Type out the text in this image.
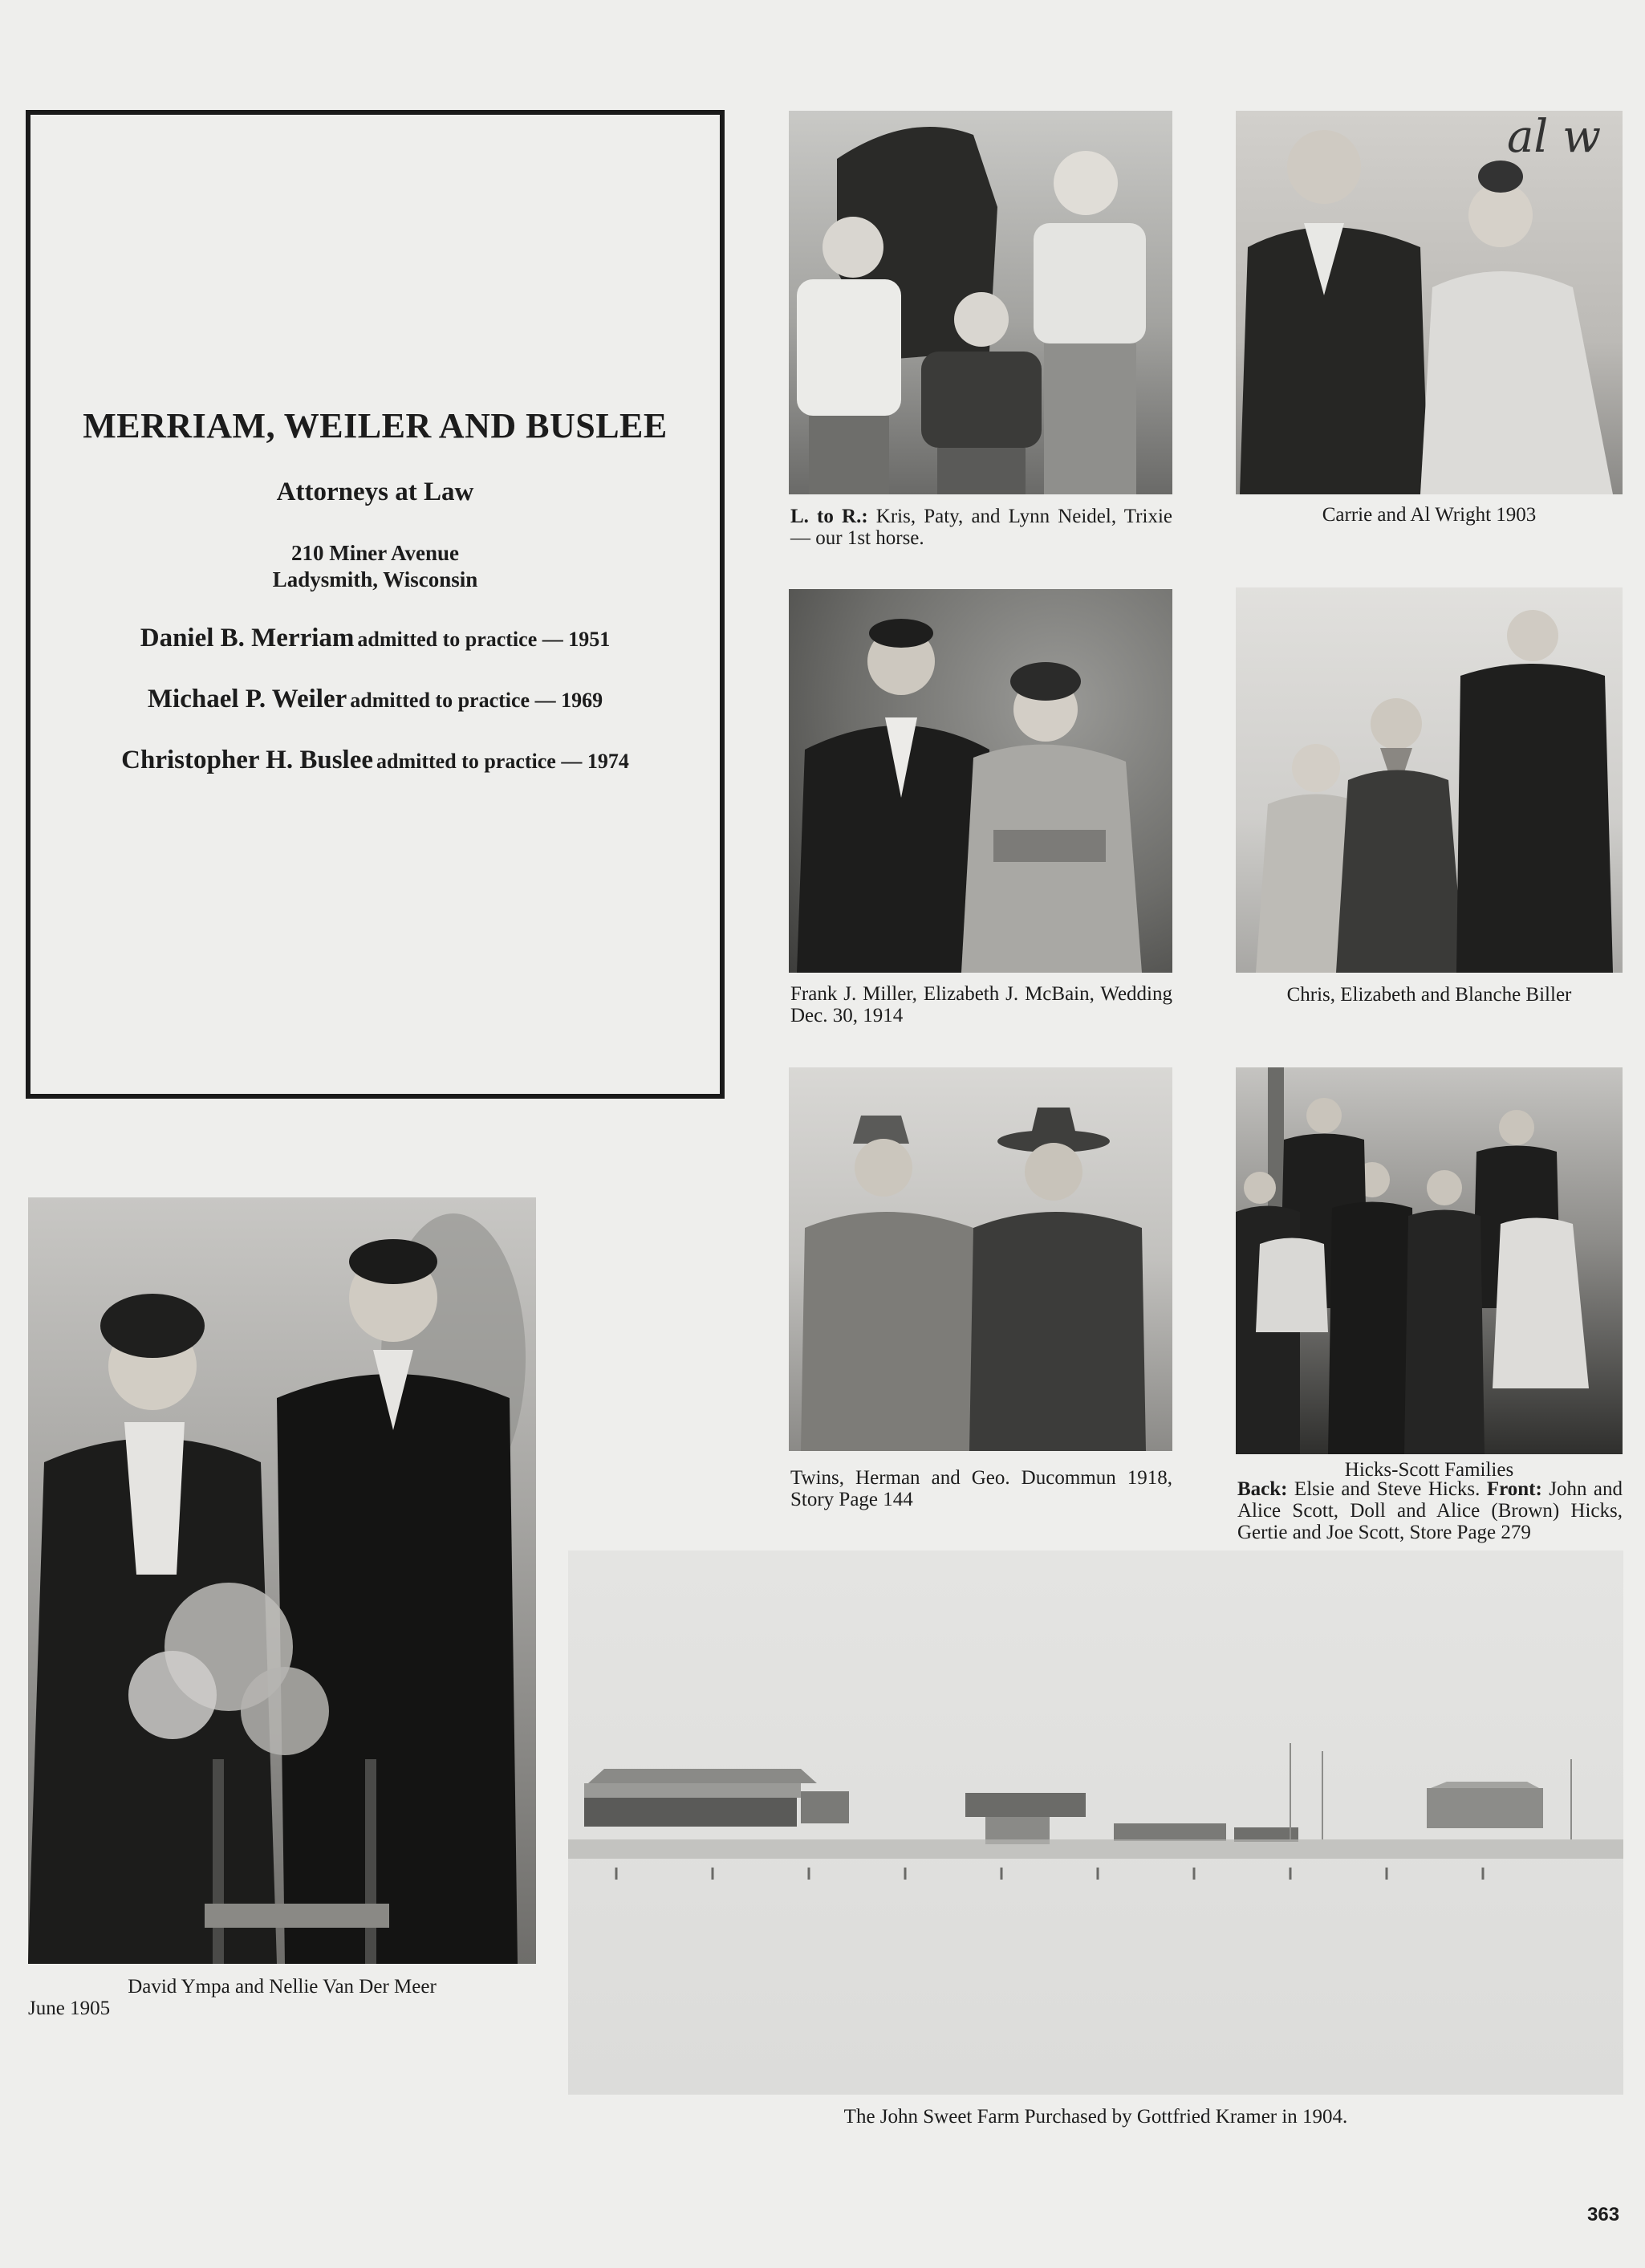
MERRIAM, WEILER AND BUSLEE
Attorneys at Law
210 Miner Avenue
Ladysmith, Wisconsin
Daniel B. Merriam admitted to practice — 1951
Michael P. Weiler admitted to practice — 1969
Christopher H. Buslee admitted to practice — 1974
L. to R.: Kris, Paty, and Lynn Neidel, Trixie — our 1st horse.
al w
Carrie and Al Wright 1903
Frank J. Miller, Elizabeth J. McBain, Wedding Dec. 30, 1914
Chris, Elizabeth and Blanche Biller
Twins, Herman and Geo. Ducommun 1918, Story Page 144
Hicks-Scott Families
Back: Elsie and Steve Hicks. Front: John and Alice Scott, Doll and Alice (Brown) Hicks, Gertie and Joe Scott, Store Page 279
David Ympa and Nellie Van Der Meer
June 1905
The John Sweet Farm Purchased by Gottfried Kramer in 1904.
363
